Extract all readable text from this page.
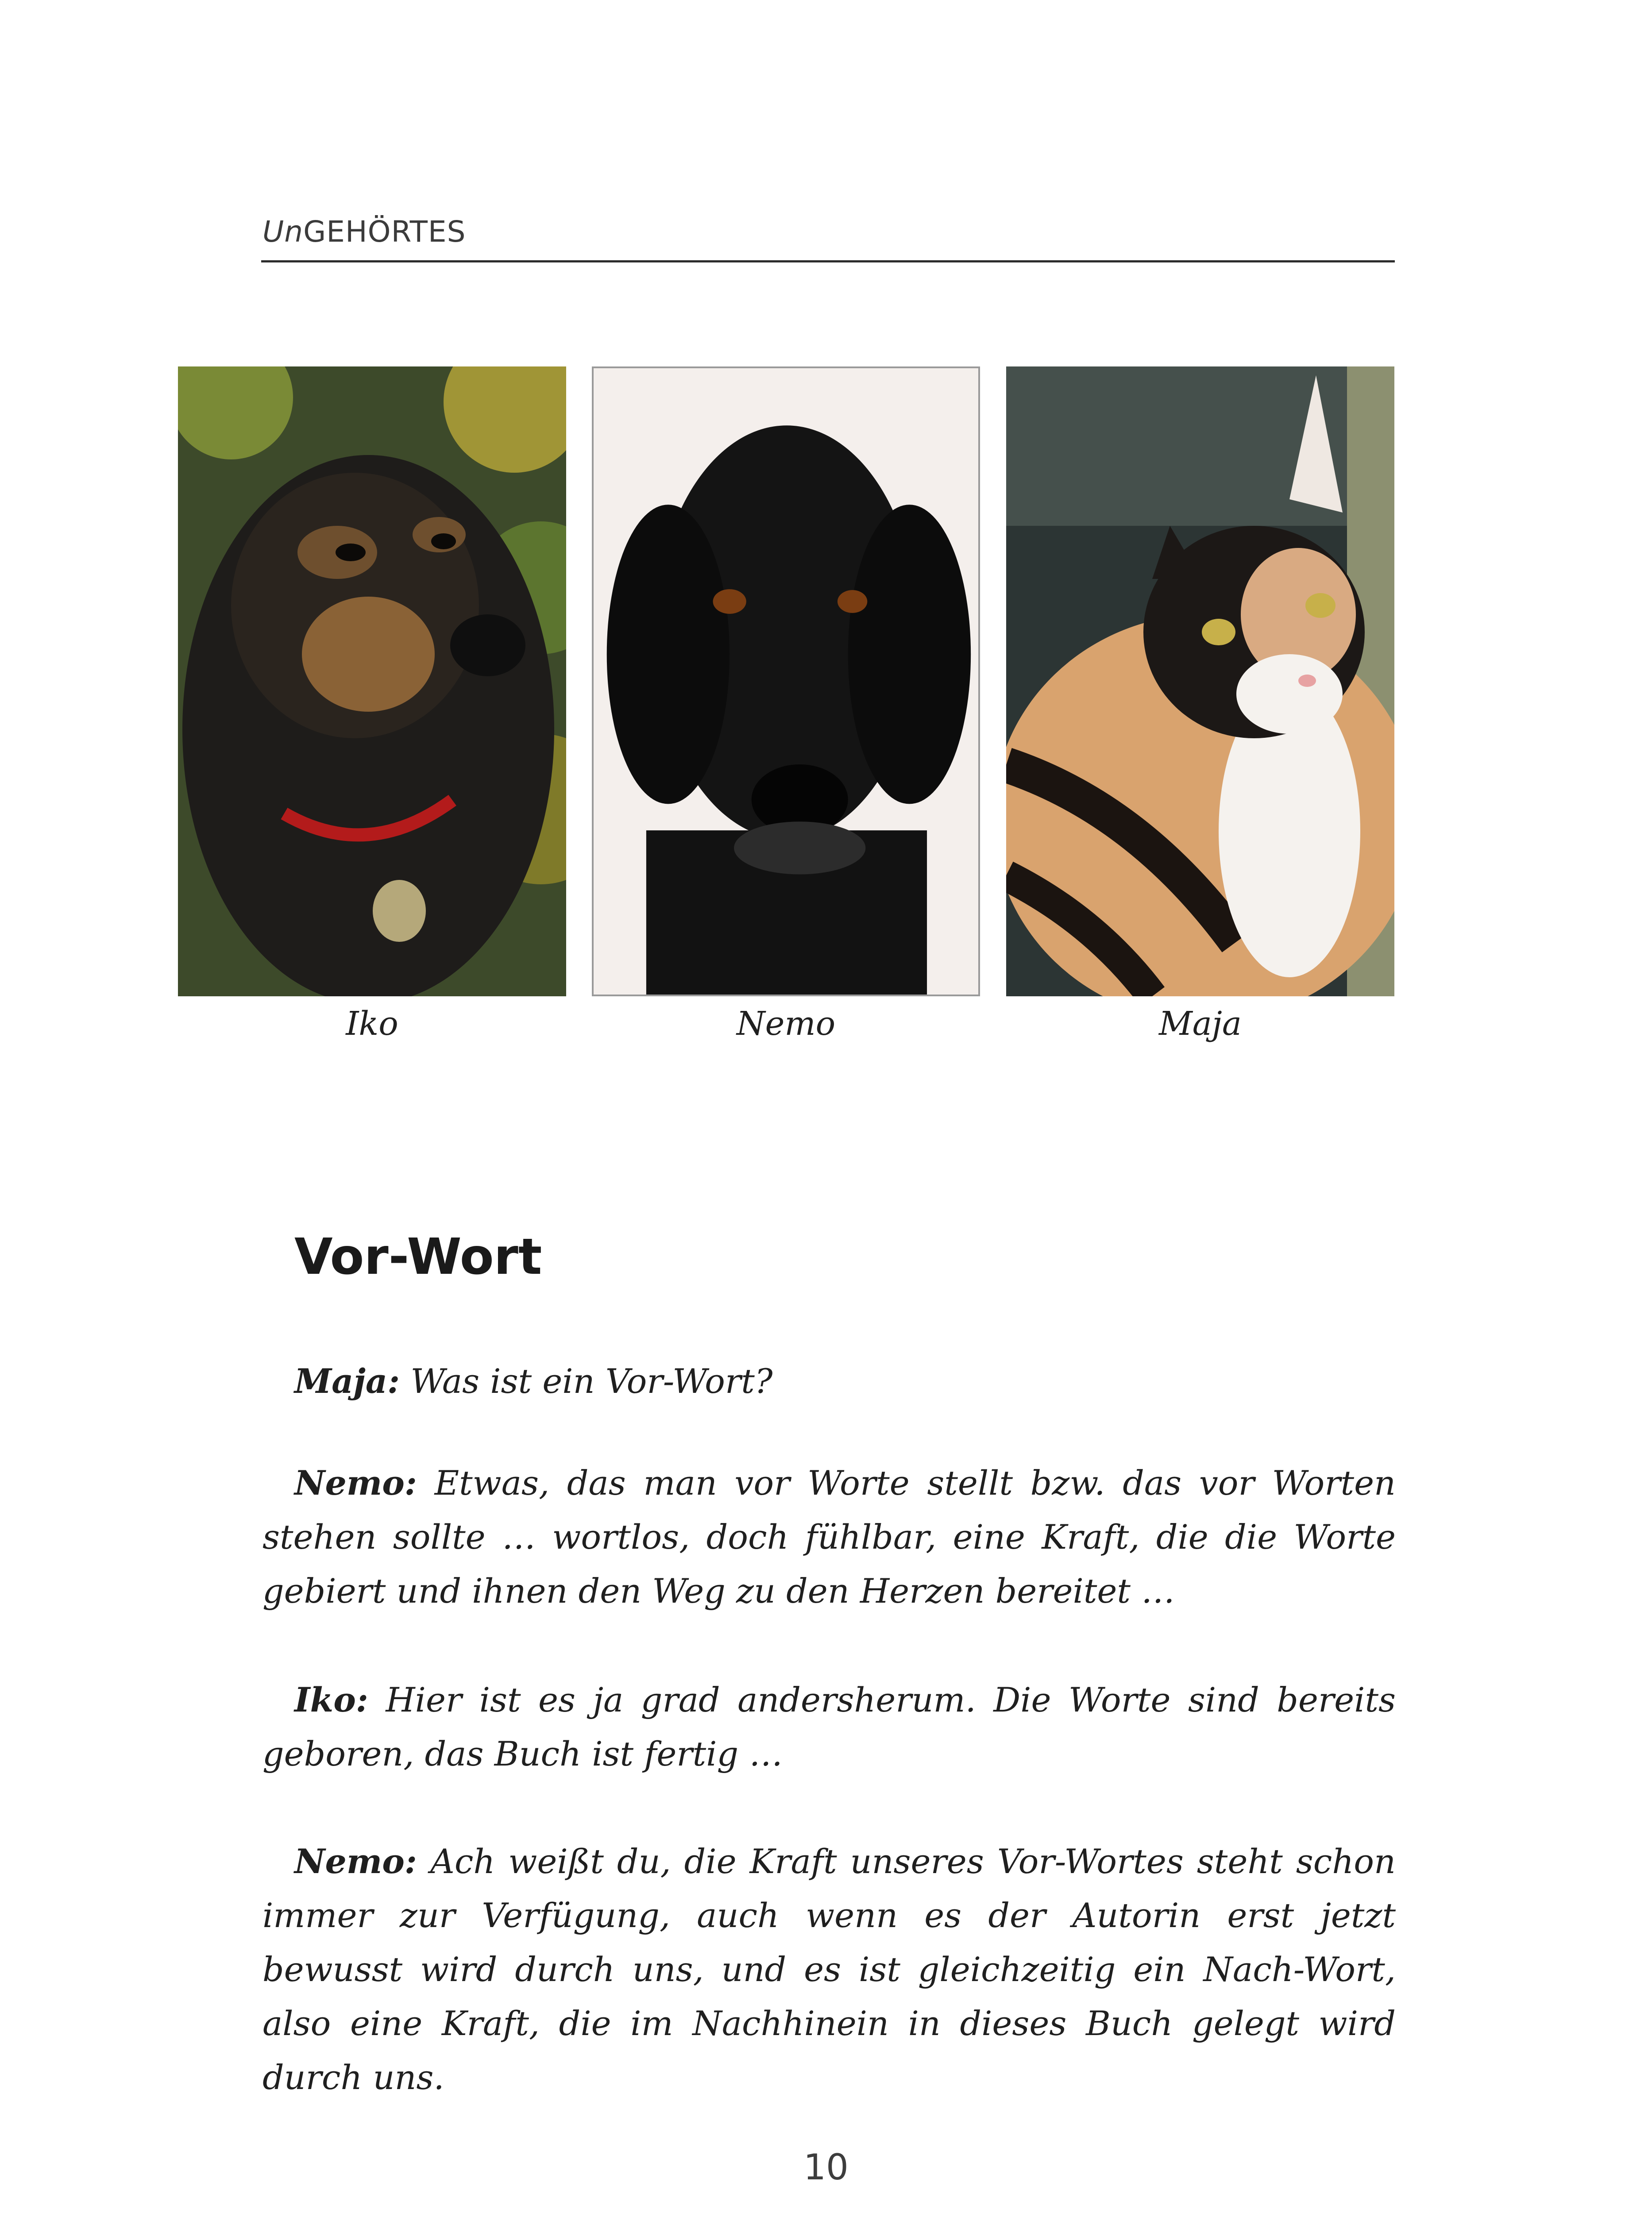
UnGEHÖRTES
Iko	Nemo	Maja
Vor-Wort

Maja: Was ist ein Vor-Wort?

Nemo: Etwas, das man vor Worte stellt bzw. das vor Worten stehen sollte … wortlos, doch fühlbar, eine Kraft, die die Worte gebiert und ihnen den Weg zu den Herzen bereitet …

Iko: Hier ist es ja grad andersherum. Die Worte sind bereits geboren, das Buch ist fertig …

Nemo: Ach weißt du, die Kraft unseres Vor-Wortes steht schon immer zur Verfügung, auch wenn es der Autorin erst jetzt bewusst wird durch uns, und es ist gleichzeitig ein Nach-Wort, also eine Kraft, die im Nachhinein in dieses Buch gelegt wird durch uns.

10
